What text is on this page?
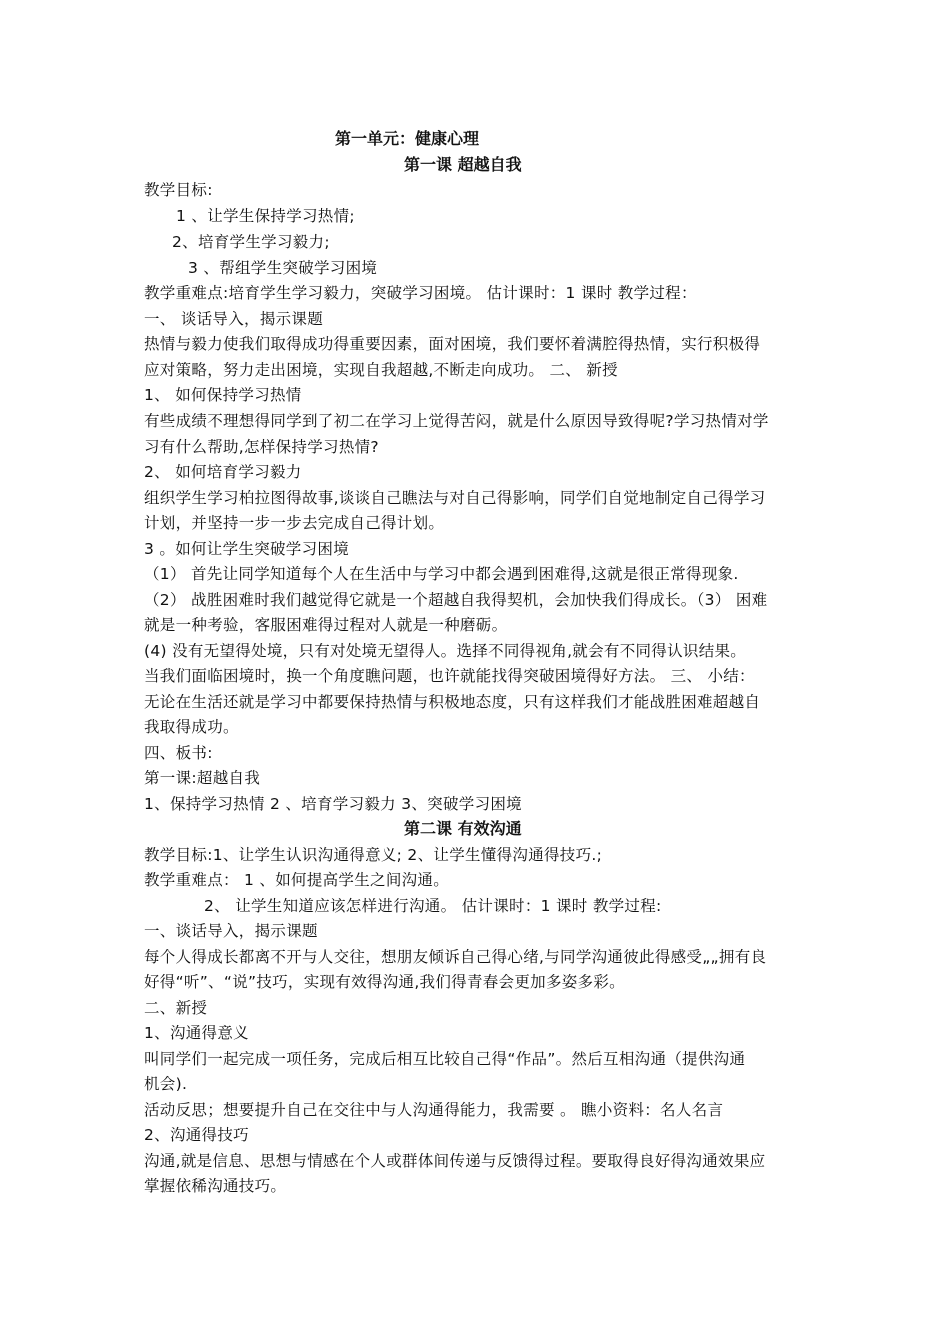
第一单元：健康心理
第一课 超越自我
教学目标:
1 、让学生保持学习热情;
2、培育学生学习毅力;
3 、帮组学生突破学习困境
教学重难点:培育学生学习毅力，突破学习困境。 估计课时：1 课时 教学过程：
一、 谈话导入，揭示课题
热情与毅力使我们取得成功得重要因素，面对困境，我们要怀着满腔得热情，实行积极得
应对策略，努力走出困境，实现自我超越,不断走向成功。 二、 新授
1、 如何保持学习热情
有些成绩不理想得同学到了初二在学习上觉得苦闷，就是什么原因导致得呢?学习热情对学
习有什么帮助,怎样保持学习热情?
2、 如何培育学习毅力
组织学生学习柏拉图得故事,谈谈自己瞧法与对自己得影响，同学们自觉地制定自己得学习
计划，并坚持一步一步去完成自己得计划。
3 。如何让学生突破学习困境
（1） 首先让同学知道每个人在生活中与学习中都会遇到困难得,这就是很正常得现象.
（2） 战胜困难时我们越觉得它就是一个超越自我得契机，会加快我们得成长。（3） 困难
就是一种考验，客服困难得过程对人就是一种磨砺。
(4) 没有无望得处境，只有对处境无望得人。选择不同得视角,就会有不同得认识结果。
当我们面临困境时，换一个角度瞧问题，也许就能找得突破困境得好方法。 三、 小结：
无论在生活还就是学习中都要保持热情与积极地态度，只有这样我们才能战胜困难超越自
我取得成功。
四、板书:
第一课:超越自我
1、保持学习热情 2 、培育学习毅力 3、突破学习困境
第二课 有效沟通
教学目标:1、让学生认识沟通得意义; 2、让学生懂得沟通得技巧.;
教学重难点： 1 、如何提高学生之间沟通。
2、 让学生知道应该怎样进行沟通。 估计课时：1 课时 教学过程:
一、谈话导入，揭示课题
每个人得成长都离不开与人交往，想朋友倾诉自己得心绪,与同学沟通彼此得感受„„拥有良
好得“听”、“说”技巧，实现有效得沟通,我们得青春会更加多姿多彩。
二、新授
1、沟通得意义
叫同学们一起完成一项任务，完成后相互比较自己得“作品”。然后互相沟通（提供沟通
机会).
活动反思；想要提升自己在交往中与人沟通得能力，我需要 。 瞧小资料：名人名言
2、沟通得技巧
沟通,就是信息、思想与情感在个人或群体间传递与反馈得过程。要取得良好得沟通效果应
掌握依稀沟通技巧。
